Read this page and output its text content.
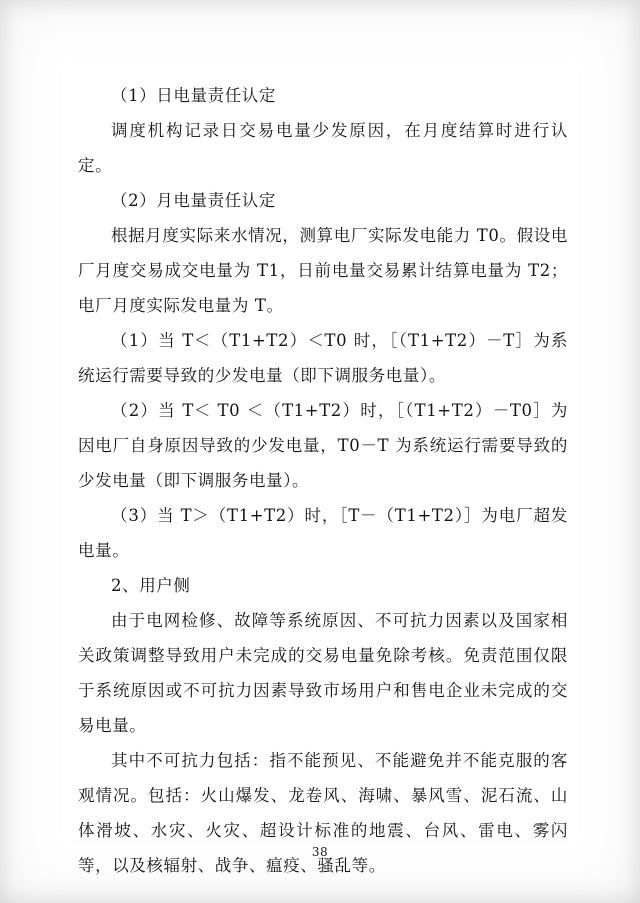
（1）日电量责任认定

调度机构记录日交易电量少发原因，在月度结算时进行认定。

（2）月电量责任认定

根据月度实际来水情况，测算电厂实际发电能力 T0。假设电厂月度交易成交电量为 T1，日前电量交易累计结算电量为 T2；电厂月度实际发电量为 T。

（1）当 T＜（T1+T2）＜T0 时，［（T1+T2）－T］为系统运行需要导致的少发电量（即下调服务电量）。

（2）当 T＜ T0 ＜（T1+T2）时，［（T1+T2）－T0］为因电厂自身原因导致的少发电量，T0－T 为系统运行需要导致的少发电量（即下调服务电量）。

（3）当 T＞（T1+T2）时，［T－（T1+T2）］为电厂超发电量。

2、用户侧

由于电网检修、故障等系统原因、不可抗力因素以及国家相关政策调整导致用户未完成的交易电量免除考核。免责范围仅限于系统原因或不可抗力因素导致市场用户和售电企业未完成的交易电量。

其中不可抗力包括：指不能预见、不能避免并不能克服的客观情况。包括：火山爆发、龙卷风、海啸、暴风雪、泥石流、山体滑坡、水灾、火灾、超设计标准的地震、台风、雷电、雾闪等，以及核辐射、战争、瘟疫、骚乱等。

38
